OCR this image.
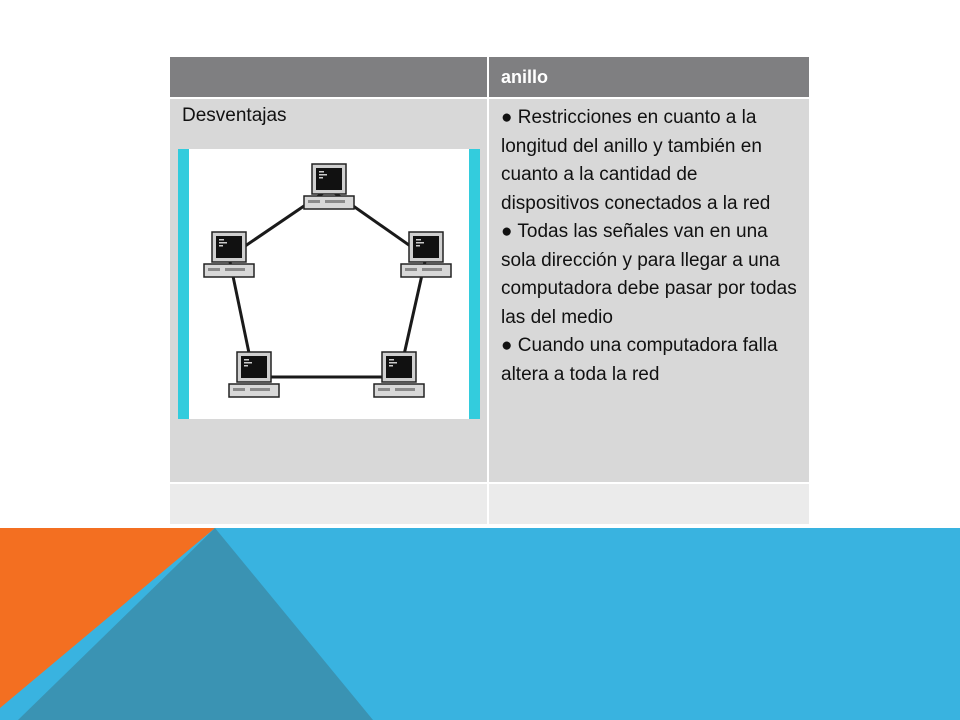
	anillo
Desventajas	● Restricciones en cuanto a la longitud del anillo y también en cuanto a la cantidad de dispositivos conectados a la red
● Todas las señales van en una sola dirección y para llegar a una computadora debe pasar por todas las del medio
● Cuando una computadora falla altera a toda la red
